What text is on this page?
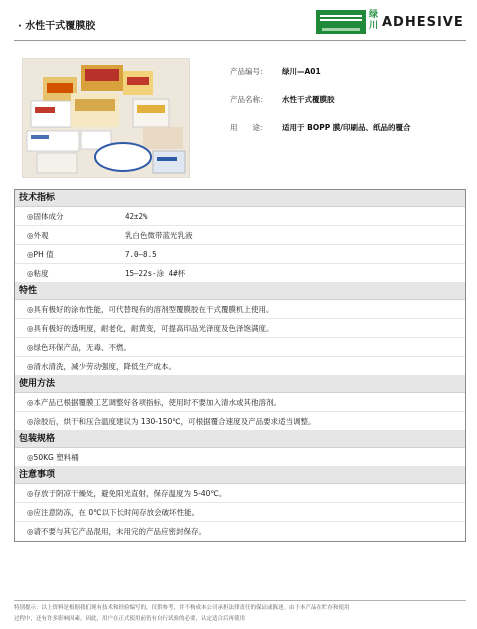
· 水性干式覆膜胶
绿川 ADHESIVE
产品编号：	绿川—A01
产品名称：	水性干式覆膜胶
用　　途：	适用于 BOPP 膜/印刷品、纸品的覆合
技术指标
◎固体成分	42±2%
◎外观	乳白色微带蓝光乳液
◎PH 值	7.0—8.5
◎粘度	15—22s-涂 4#杯
特性
◎具有极好的涂布性能，可代替现有的溶剂型覆膜胶在干式覆膜机上使用。
◎具有极好的透明度，耐老化，耐黄变，可提高印品光泽度及色泽饱满度。
◎绿色环保产品，无毒、不燃。
◎清水清洗，减少劳动强度，降低生产成本。
使用方法
◎本产品已根据覆膜工艺调整好各项指标，使用时不要加入清水或其他溶剂。
◎涂胶后，烘干和压合温度建议为 130-150℃，可根据覆合速度及产品要求适当调整。
包装规格
◎50KG 塑料桶
注意事项
◎存放于阴凉干燥处，避免阳光直射，保存温度为 5-40℃。
◎应注意防冻，在 0℃以下长时间存放会破坏性能。
◎请不要与其它产品混用，未用完的产品应密封保存。
特别提示：以上资料是根据我们现有技术和经验编写的，仅供参考，并不构成本公司承担法律责任的保证或陈述。由于本产品在贮存和使用
过程中，还有许多影响因素，因此，用户在正式使用前仍有自行试验的必要，认定适合后再使用
